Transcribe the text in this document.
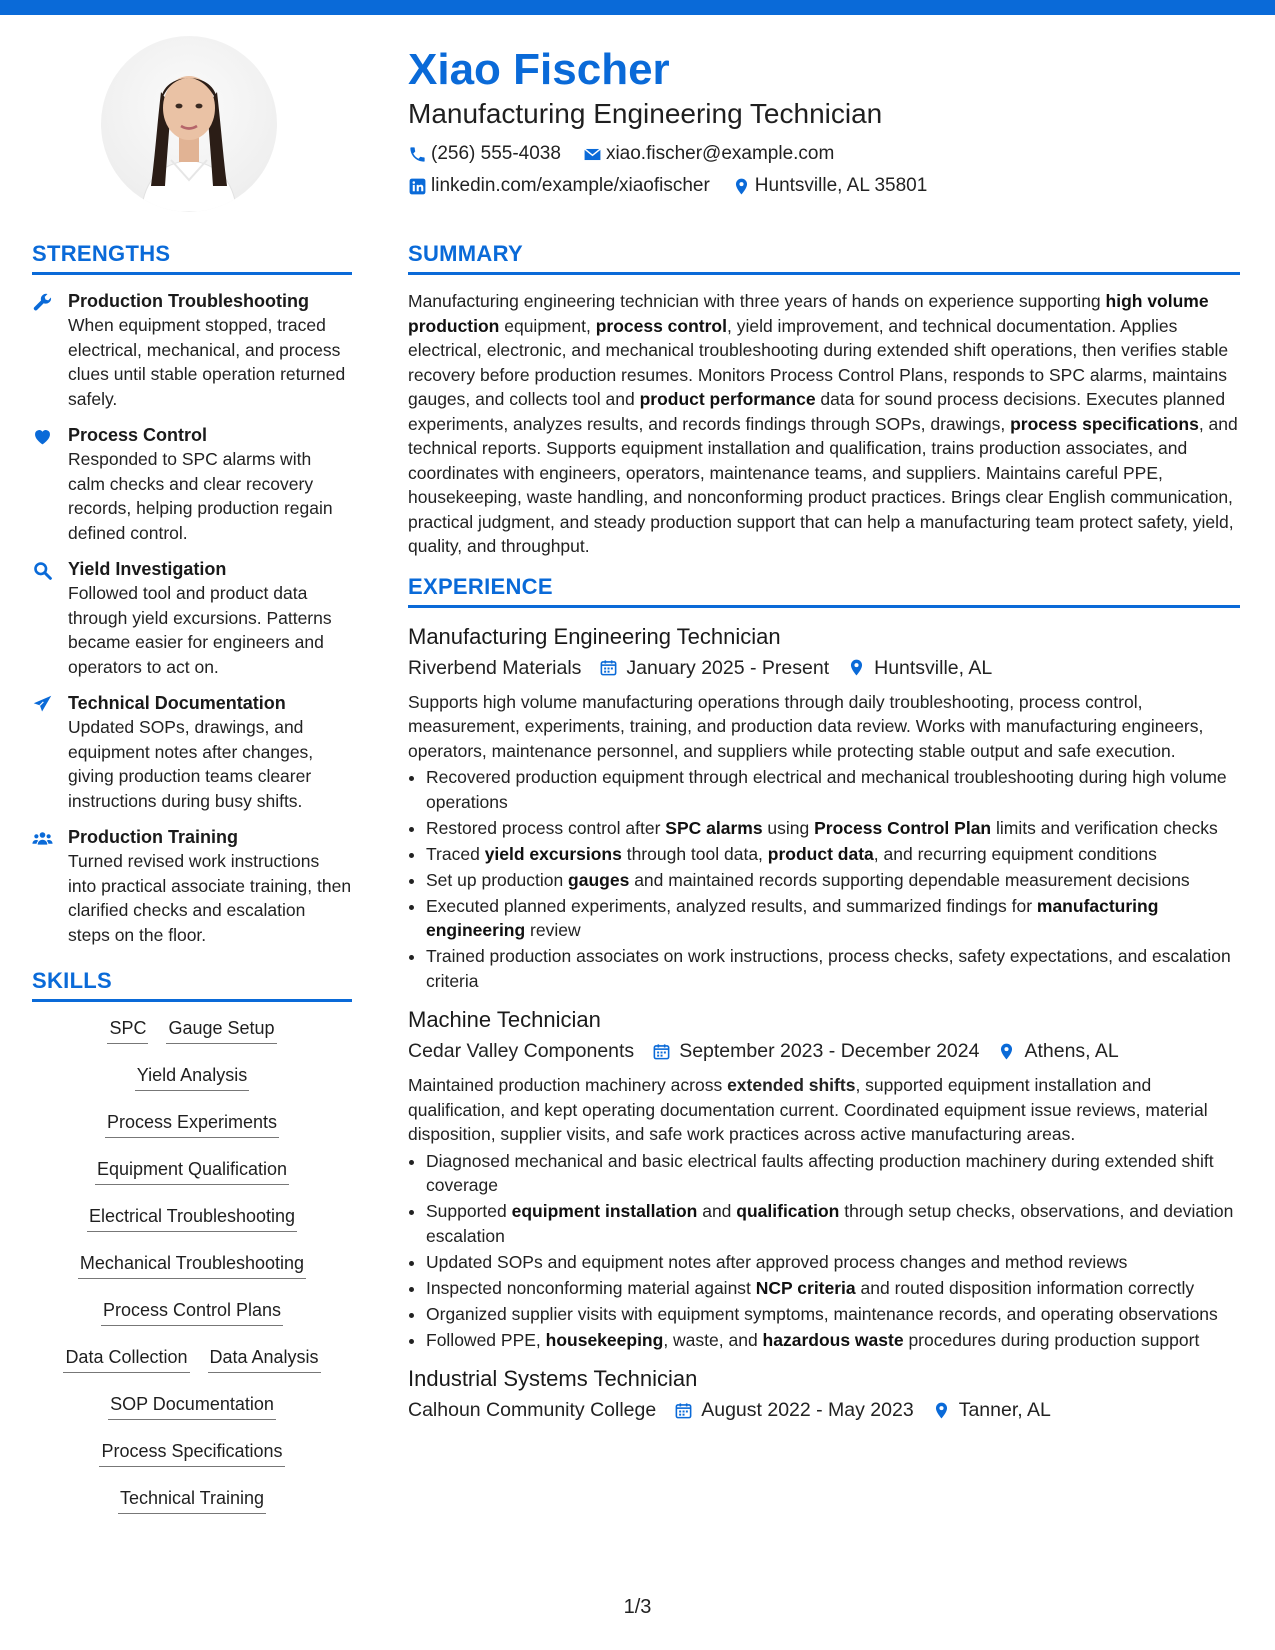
Xiao Fischer
Manufacturing Engineering Technician
(256) 555-4038 xiao.fischer@example.com
linkedin.com/example/xiaofischer Huntsville, AL 35801
STRENGTHS
Production Troubleshooting
When equipment stopped, traced electrical, mechanical, and process clues until stable operation returned safely.
Process Control
Responded to SPC alarms with calm checks and clear recovery records, helping production regain defined control.
Yield Investigation
Followed tool and product data through yield excursions. Patterns became easier for engineers and operators to act on.
Technical Documentation
Updated SOPs, drawings, and equipment notes after changes, giving production teams clearer instructions during busy shifts.
Production Training
Turned revised work instructions into practical associate training, then clarified checks and escalation steps on the floor.
SKILLS
SPC Gauge Setup
Yield Analysis
Process Experiments
Equipment Qualification
Electrical Troubleshooting
Mechanical Troubleshooting
Process Control Plans
Data Collection Data Analysis
SOP Documentation
Process Specifications
Technical Training
SUMMARY

Manufacturing engineering technician with three years of hands on experience supporting high volume production equipment, process control, yield improvement, and technical documentation. Applies electrical, electronic, and mechanical troubleshooting during extended shift operations, then verifies stable recovery before production resumes. Monitors Process Control Plans, responds to SPC alarms, maintains gauges, and collects tool and product performance data for sound process decisions. Executes planned experiments, analyzes results, and records findings through SOPs, drawings, process specifications, and technical reports. Supports equipment installation and qualification, trains production associates, and coordinates with engineers, operators, maintenance teams, and suppliers. Maintains careful PPE, housekeeping, waste handling, and nonconforming product practices. Brings clear English communication, practical judgment, and steady production support that can help a manufacturing team protect safety, yield, quality, and throughput.

EXPERIENCE
Manufacturing Engineering Technician
Riverbend Materials January 2025 - Present Huntsville, AL

Supports high volume manufacturing operations through daily troubleshooting, process control, measurement, experiments, training, and production data review. Works with manufacturing engineers, operators, maintenance personnel, and suppliers while protecting stable output and safe execution.

• Recovered production equipment through electrical and mechanical troubleshooting during high volume operations
• Restored process control after SPC alarms using Process Control Plan limits and verification checks
• Traced yield excursions through tool data, product data, and recurring equipment conditions
• Set up production gauges and maintained records supporting dependable measurement decisions
• Executed planned experiments, analyzed results, and summarized findings for manufacturing engineering review
• Trained production associates on work instructions, process checks, safety expectations, and escalation criteria
Machine Technician
Cedar Valley Components September 2023 - December 2024 Athens, AL

Maintained production machinery across extended shifts, supported equipment installation and qualification, and kept operating documentation current. Coordinated equipment issue reviews, material disposition, supplier visits, and safe work practices across active manufacturing areas.

• Diagnosed mechanical and basic electrical faults affecting production machinery during extended shift coverage
• Supported equipment installation and qualification through setup checks, observations, and deviation escalation
• Updated SOPs and equipment notes after approved process changes and method reviews
• Inspected nonconforming material against NCP criteria and routed disposition information correctly
• Organized supplier visits with equipment symptoms, maintenance records, and operating observations
• Followed PPE, housekeeping, waste, and hazardous waste procedures during production support
Industrial Systems Technician
Calhoun Community College August 2022 - May 2023 Tanner, AL
1/3
